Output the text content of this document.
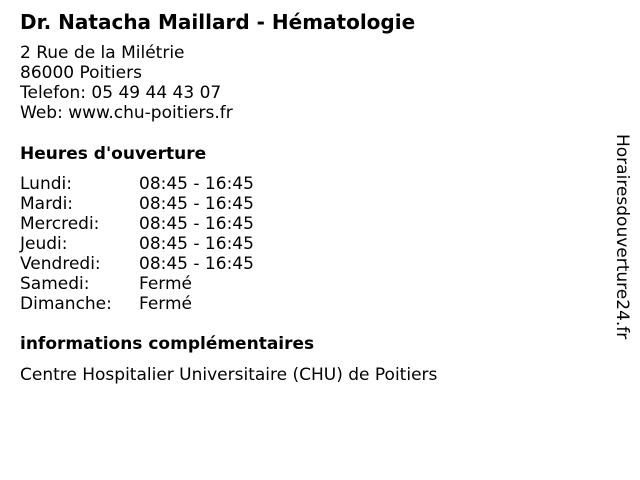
Dr. Natacha Maillard - Hématologie
2 Rue de la Milétrie
86000 Poitiers
Telefon: 05 49 44 43 07
Web: www.chu-poitiers.fr
Heures d'ouverture
Lundi:	08:45 - 16:45
Mardi:	08:45 - 16:45
Mercredi:	08:45 - 16:45
Jeudi:	08:45 - 16:45
Vendredi:	08:45 - 16:45
Samedi:	Fermé
Dimanche:	Fermé
informations complémentaires
Centre Hospitalier Universitaire (CHU) de Poitiers
Horairesdouverture24.fr
